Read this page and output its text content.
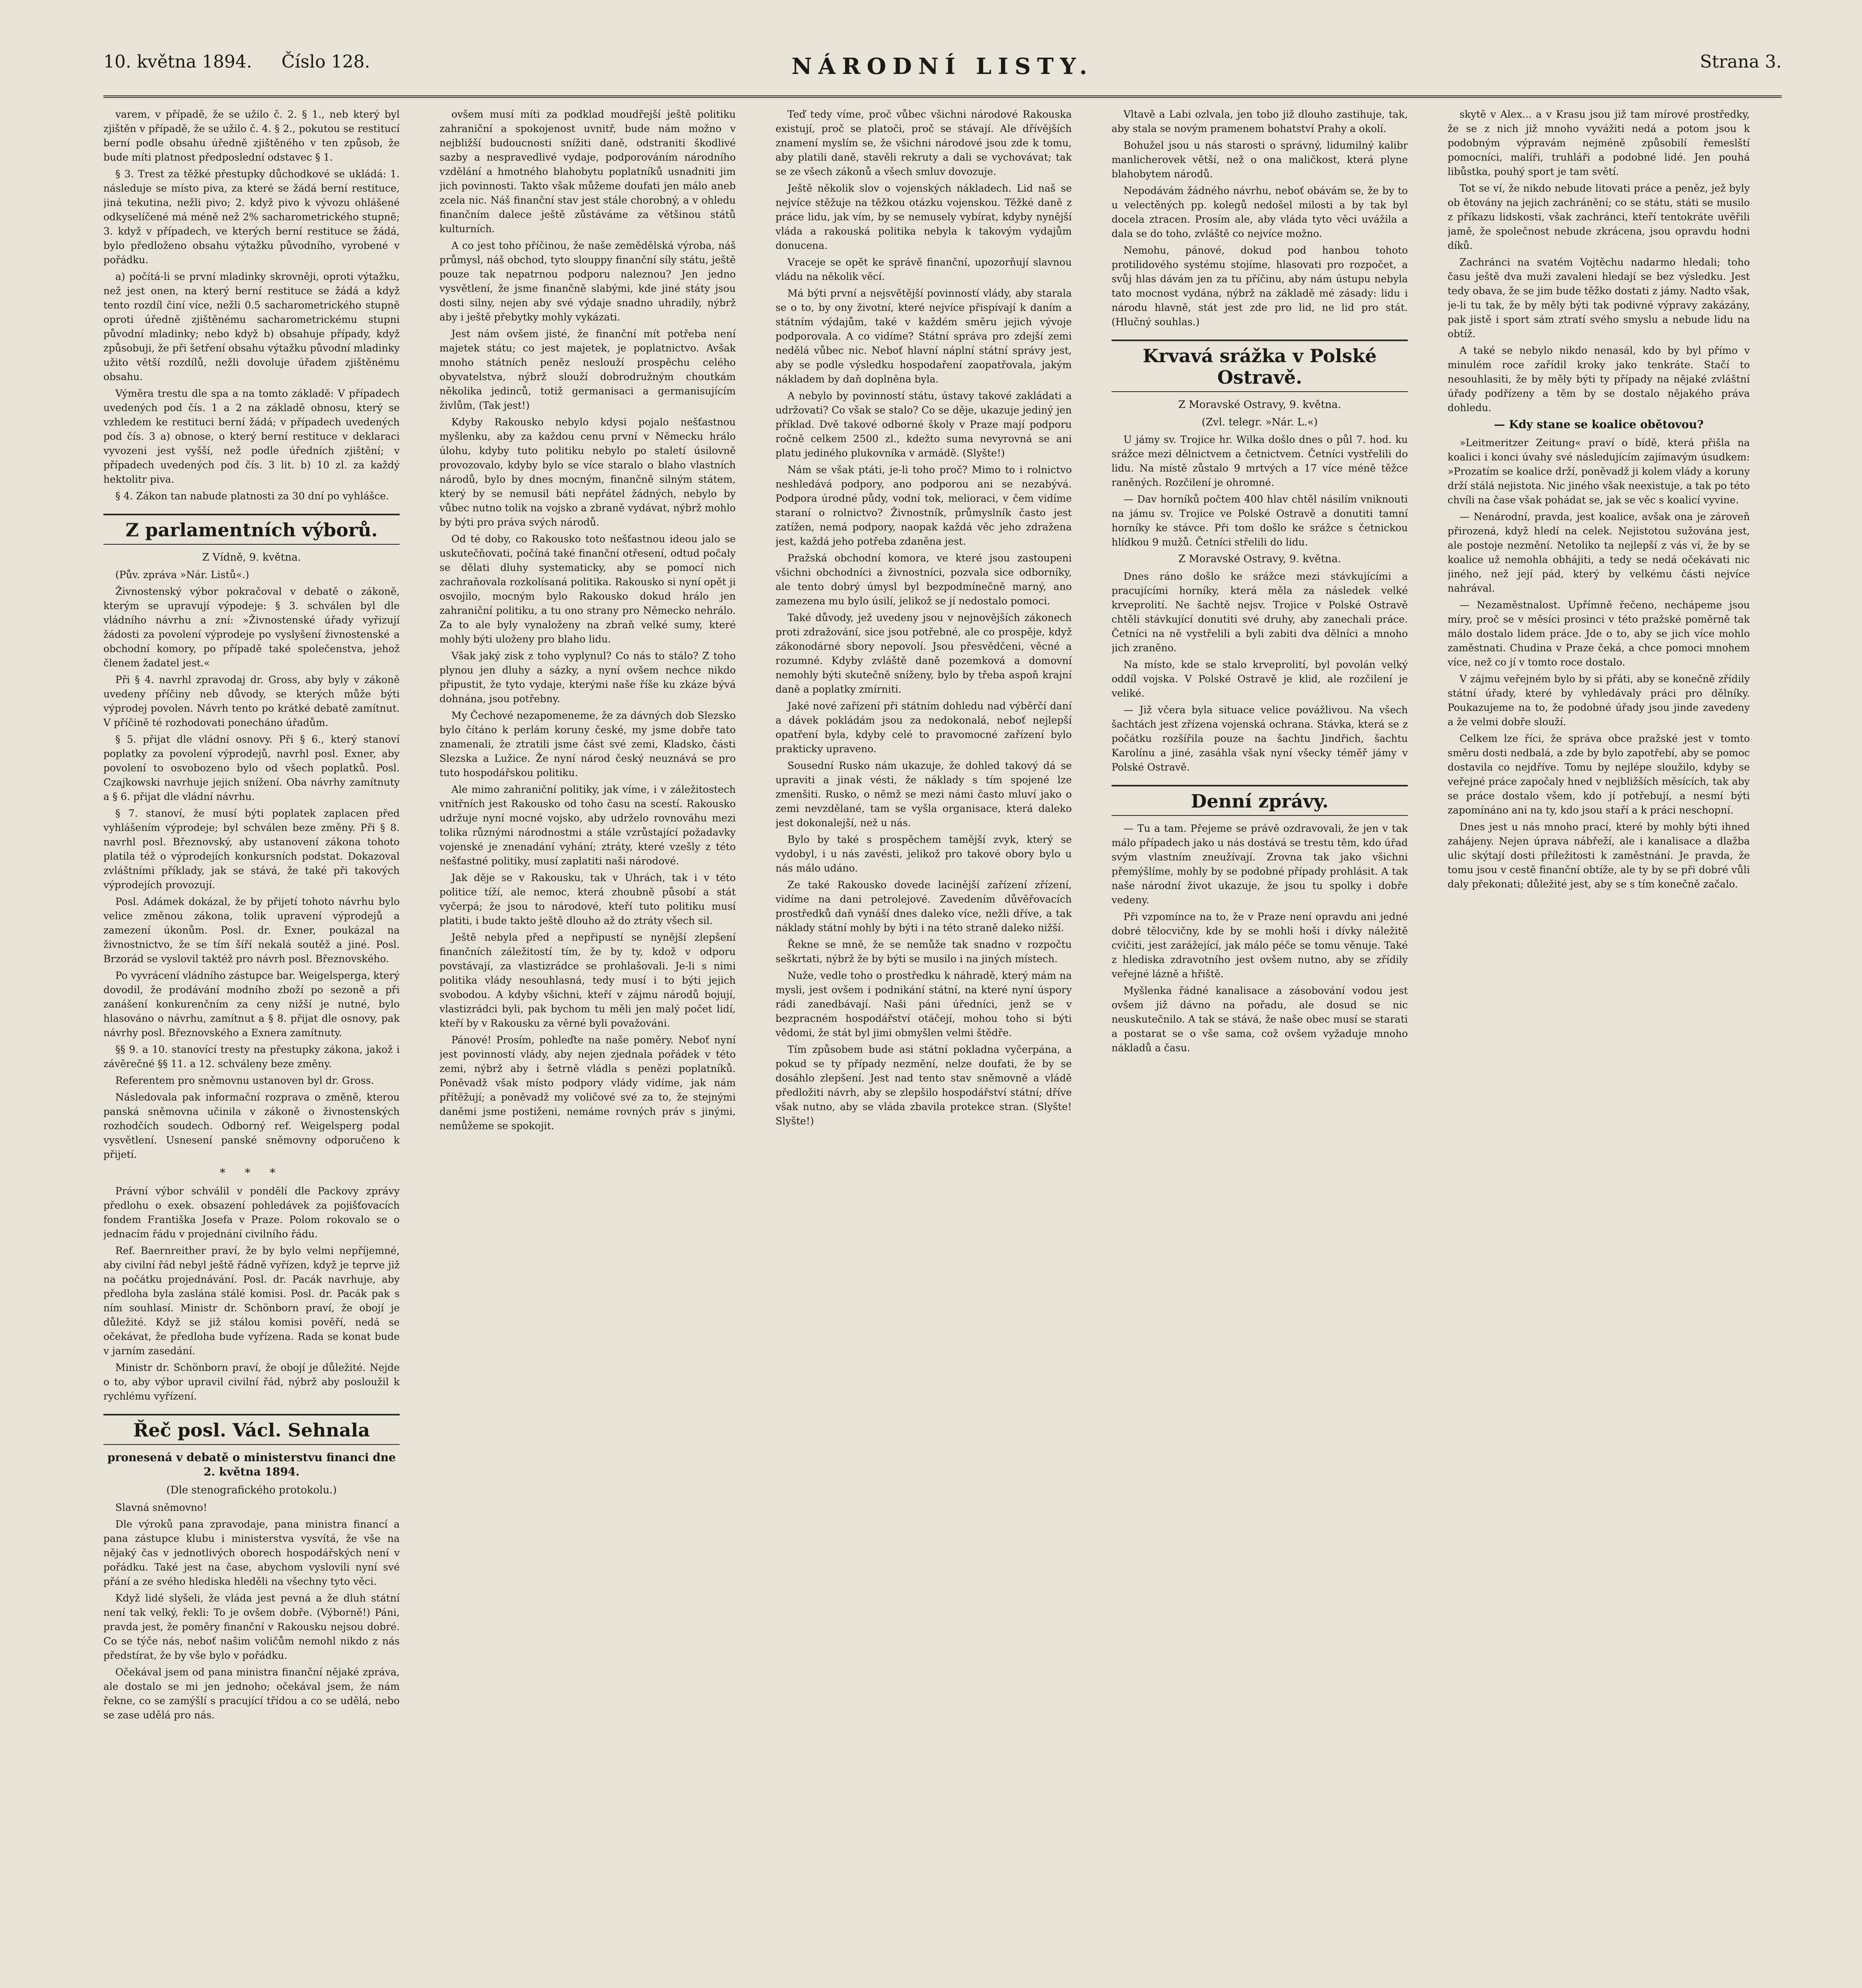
10. května 1894. Číslo 128.	NÁRODNÍ LISTY.	Strana 3.

varem, v případě, že se užilo č. 2. § 1., neb který byl zjištěn v případě, že se užilo č. 4. § 2., pokutou se restitucí berní podle obsahu úředně zjištěného v ten způsob, že bude míti platnost předposlední odstavec § 1.

§ 3. Trest za těžké přestupky důchodkové se ukládá: 1. následuje se místo piva, za které se žádá berní restituce, jiná tekutina, nežli pivo; 2. když pivo k vývozu ohlášené odkyselíčené má méně než 2% sacharometrického stupně; 3. když v případech, ve kterých berní restituce se žádá, bylo předloženo obsahu výtažku původního, vyrobené v pořádku.

a) počítá-li se první mladinky skrovněji, oproti výtažku, než jest onen, na který berní restituce se žádá a když tento rozdíl činí více, nežli 0.5 sacharometrického stupně oproti úředně zjištěnému sacharometrickému stupni původní mladinky; nebo když b) obsahuje případy, když způsobuji, že při šetření obsahu výtažku původní mladinky užito větší rozdílů, nežli dovoluje úřadem zjištěnému obsahu.

Výměra trestu dle spa a na tomto základě: V případech uvedených pod čís. 1 a 2 na základě obnosu, který se vzhledem ke restituci berní žádá; v případech uvedených pod čís. 3 a) obnose, o který berní restituce v deklaraci vyvozeni jest vyšší, než podle úředních zjištění; v případech uvedených pod čís. 3 lit. b) 10 zl. za každý hektolitr piva.

§ 4. Zákon tan nabude platnosti za 30 dní po vyhlášce.

Z parlamentních výborů.
Z Vídně, 9. května.

(Pův. zpráva »Nár. Listů«.)

Živnostenský výbor pokračoval v debatě o zákoně, kterým se upravují výpodeje: § 3. schválen byl dle vládního návrhu a zní: »Živnostenské úřady vyřizují žádosti za povolení výprodeje po vyslyšení živnostenské a obchodní komory, po případě také společenstva, jehož členem žadatel jest.«

Při § 4. navrhl zpravodaj dr. Gross, aby byly v zákoně uvedeny příčiny neb důvody, se kterých může býti výprodej povolen. Návrh tento po krátké debatě zamítnut. V příčině té rozhodovati ponecháno úřadům.

§ 5. přijat dle vládní osnovy. Při § 6., který stanoví poplatky za povolení výprodejů, navrhl posl. Exner, aby povolení to osvobozeno bylo od všech poplatků. Posl. Czajkowski navrhuje jejich snížení. Oba návrhy zamítnuty a § 6. přijat dle vládní návrhu.

§ 7. stanoví, že musí býti poplatek zaplacen před vyhlášením výprodeje; byl schválen beze změny. Při § 8. navrhl posl. Březnovský, aby ustanovení zákona tohoto platila též o výprodejích konkursních podstat. Dokazoval zvláštními příklady, jak se stává, že také při takových výprodejích provozují.

Posl. Adámek dokázal, že by přijetí tohoto návrhu bylo velice změnou zákona, tolik upravení výprodejů a zamezení úkonům. Posl. dr. Exner, poukázal na živnostnictvo, že se tím šíří nekalá soutěž a jiné. Posl. Brzorád se vyslovil taktéž pro návrh posl. Březnovského.

Po vyvrácení vládního zástupce bar. Weigelsperga, který dovodil, že prodávání modního zboží po sezoně a při zanášení konkurenčním za ceny nižší je nutné, bylo hlasováno o návrhu, zamítnut a § 8. přijat dle osnovy, pak návrhy posl. Březnovského a Exnera zamítnuty.

§§ 9. a 10. stanovící tresty na přestupky zákona, jakož i závěrečné §§ 11. a 12. schváleny beze změny.

Referentem pro sněmovnu ustanoven byl dr. Gross.

Následovala pak informační rozprava o změně, kterou panská sněmovna učinila v zákoně o živnostenských rozhodčích soudech. Odborný ref. Weigelsperg podal vysvětlení. Usnesení panské sněmovny odporučeno k přijetí.

* * *

Právní výbor schválil v pondělí dle Packovy zprávy předlohu o exek. obsazení pohledávek za pojišťovacích fondem Františka Josefa v Praze. Polom rokovalo se o jednacím řádu v projednání civilního řádu.

Ref. Baernreither praví, že by bylo velmi nepříjemné, aby civilní řád nebyl ještě řádně vyřízen, když je teprve již na počátku projednávání. Posl. dr. Pacák navrhuje, aby předloha byla zaslána stálé komisi. Posl. dr. Pacák pak s ním souhlasí. Ministr dr. Schönborn praví, že obojí je důležité. Když se již stálou komisi pověří, nedá se očekávat, že předloha bude vyřízena. Rada se konat bude v jarním zasedání.

Ministr dr. Schönborn praví, že obojí je důležité. Nejde o to, aby výbor upravil civilní řád, nýbrž aby posloužil k rychlému vyřízení.

Řeč posl. Václ. Sehnala
pronesená v debatě o ministerstvu financi dne 2. května 1894.
(Dle stenografického protokolu.)

Slavná sněmovno!

Dle výroků pana zpravodaje, pana ministra financí a pana zástupce klubu i ministerstva vysvítá, že vše na nějaký čas v jednotlivých oborech hospodářských není v pořádku. Také jest na čase, abychom vyslovili nyní své přání a ze svého hlediska hleděli na všechny tyto věci.

Když lidé slyšeli, že vláda jest pevná a že dluh státní není tak velký, řekli: To je ovšem dobře. (Výborně!) Páni, pravda jest, že poměry finanční v Rakousku nejsou dobré. Co se týče nás, neboť našim voličům nemohl nikdo z nás předstírat, že by vše bylo v pořádku.

Očekával jsem od pana ministra finanční nějaké zpráva, ale dostalo se mi jen jednoho; očekával jsem, že nám řekne, co se zamýšlí s pracující třídou a co se udělá, nebo se zase udělá pro nás.

ovšem musí míti za podklad moudřejší ještě politiku zahraniční a spokojenost uvnitř, bude nám možno v nejbližší budoucnosti snížiti daně, odstraniti škodlivé sazby a nespravedlivé vydaje, podporováním národního vzdělání a hmotného blahobytu poplatníků usnadniti jim jich povinnosti. Takto však můžeme doufati jen málo aneb zcela nic. Náš finanční stav jest stále chorobný, a v ohledu finančním dalece ještě zůstáváme za většinou států kulturních.

A co jest toho příčinou, že naše zemědělská výroba, náš průmysl, náš obchod, tyto slouppy finanční síly státu, ještě pouze tak nepatrnou podporu naleznou? Jen jedno vysvětlení, že jsme finančně slabými, kde jiné státy jsou dosti silny, nejen aby své výdaje snadno uhradily, nýbrž aby i ještě přebytky mohly vykázati.

Jest nám ovšem jisté, že finanční mít potřeba není majetek státu; co jest majetek, je poplatnictvo. Avšak mnoho státních peněz neslouží prospěchu celého obyvatelstva, nýbrž slouží dobrodružným choutkám několika jedinců, totiž germanisaci a germanisujícím živlům, (Tak jest!)

Kdyby Rakousko nebylo kdysi pojalo nešťastnou myšlenku, aby za každou cenu první v Německu hrálo úlohu, kdyby tuto politiku nebylo po staletí úsilovně provozovalo, kdyby bylo se více staralo o blaho vlastních národů, bylo by dnes mocným, finančně silným státem, který by se nemusil báti nepřátel žádných, nebylo by vůbec nutno tolik na vojsko a zbraně vydávat, nýbrž mohlo by býti pro práva svých národů.

Od té doby, co Rakousko toto nešťastnou ideou jalo se uskutečňovati, počíná také finanční otřesení, odtud počaly se dělati dluhy systematicky, aby se pomocí nich zachraňovala rozkolísaná politika. Rakousko si nyní opět ji osvojilo, mocným bylo Rakousko dokud hrálo jen zahraniční politiku, a tu ono strany pro Německo nehrálo. Za to ale byly vynaloženy na zbraň velké sumy, které mohly býti uloženy pro blaho lidu.

Však jaký zisk z toho vyplynul? Co nás to stálo? Z toho plynou jen dluhy a sázky, a nyní ovšem nechce nikdo připustit, že tyto vydaje, kterými naše říše ku zkáze bývá dohnána, jsou potřebny.

My Čechové nezapomeneme, že za dávných dob Slezsko bylo čítáno k perlám koruny české, my jsme dobře tato znamenali, že ztratili jsme část své zemi, Kladsko, části Slezska a Lužice. Že nyní národ český neuznává se pro tuto hospodářskou politiku.

Ale mimo zahraniční politiky, jak víme, i v záležitostech vnitřních jest Rakousko od toho času na scestí. Rakousko udržuje nyní mocné vojsko, aby udrželo rovnováhu mezi tolika různými národnostmi a stále vzrůstající požadavky vojenské je znenadání vyhání; ztráty, které vzešly z této nešťastné politiky, musí zaplatiti naši národové.

Jak děje se v Rakousku, tak v Uhrách, tak i v této politice tíží, ale nemoc, která zhoubně působí a stát vyčerpá; že jsou to národové, kteří tuto politiku musí platiti, i bude takto ještě dlouho až do ztráty všech sil.

Ještě nebyla před a nepřipustí se nynější zlepšení finančních záležitostí tím, že by ty, kdož v odporu povstávají, za vlastizrádce se prohlašovali. Je-li s nimi politika vlády nesouhlasná, tedy musí i to býti jejich svobodou. A kdyby všichni, kteří v zájmu národů bojují, vlastizrádci byli, pak bychom tu měli jen malý počet lidí, kteří by v Rakousku za věrné byli považováni.

Pánové! Prosím, pohleďte na naše poměry. Neboť nyní jest povinností vlády, aby nejen zjednala pořádek v této zemi, nýbrž aby i šetrně vládla s penězi poplatníků. Poněvadž však místo podpory vlády vidíme, jak nám přítěžují; a poněvadž my voličové své za to, že stejnými daněmi jsme postiženi, nemáme rovných práv s jinými, nemůžeme se spokojit.

Teď tedy víme, proč vůbec všichni národové Rakouska existují, proč se platoči, proč se stávají. Ale dřívějších znamení myslím se, že všichni národové jsou zde k tomu, aby platili daně, stavěli rekruty a dali se vychovávat; tak se ze všech zákonů a všech smluv dovozuje.

Ještě několik slov o vojenských nákladech. Lid naš se nejvíce stěžuje na těžkou otázku vojenskou. Těžké daně z práce lidu, jak vím, by se nemusely vybírat, kdyby nynější vláda a rakouská politika nebyla k takovým vydajům donucena.

Vraceje se opět ke správě finanční, upozorňují slavnou vládu na několik věcí.

Má býti první a nejsvětější povinností vlády, aby starala se o to, by ony životní, které nejvíce přispívají k daním a státním výdajům, také v každém směru jejich vývoje podporovala. A co vidíme? Státní správa pro zdejší zemi nedělá vůbec nic. Neboť hlavní náplní státní správy jest, aby se podle výsledku hospodaření zaopatřovala, jakým nákladem by daň doplněna byla.

A nebylo by povinností státu, ústavy takové zakládati a udržovati? Co však se stalo? Co se děje, ukazuje jediný jen příklad. Dvě takové odborné školy v Praze mají podporu ročně celkem 2500 zl., kdežto suma nevyrovná se ani platu jediného plukovníka v armádě. (Slyšte!)

Nám se však ptáti, je-li toho proč? Mimo to i rolnictvo neshledává podpory, ano podporou ani se nezabývá. Podpora úrodné půdy, vodní tok, melioraci, v čem vidíme staraní o rolnictvo? Živnostník, průmyslník často jest zatížen, nemá podpory, naopak každá věc jeho zdražena jest, každá jeho potřeba zdaněna jest.

Pražská obchodní komora, ve které jsou zastoupeni všichni obchodníci a živnostníci, pozvala sice odborníky, ale tento dobrý úmysl byl bezpodmínečně marný, ano zamezena mu bylo úsilí, jelikož se jí nedostalo pomoci.

Také důvody, jež uvedeny jsou v nejnovějších zákonech proti zdražování, sice jsou potřebné, ale co prospěje, když zákonodárné sbory nepovolí. Jsou přesvědčeni, věcné a rozumné. Kdyby zvláště daně pozemková a domovní nemohly býti skutečně sníženy, bylo by třeba aspoň krajní daně a poplatky zmírniti.

Jaké nové zařízení při státním dohledu nad výběrčí daní a dávek pokládám jsou za nedokonalá, neboť nejlepší opatření byla, kdyby celé to pravomocné zařízení bylo prakticky upraveno.

Sousední Rusko nám ukazuje, že dohled takový dá se upraviti a jinak vésti, že náklady s tím spojené lze zmenšiti. Rusko, o němž se mezi námi často mluví jako o zemi nevzdělané, tam se vyšla organisace, která daleko jest dokonalejší, než u nás.

Bylo by také s prospěchem tamější zvyk, který se vydobyl, i u nás zavésti, jelikož pro takové obory bylo u nás málo udáno.

Ze také Rakousko dovede lacinější zařízení zřízení, vidíme na dani petrolejové. Zavedením důvěřovacích prostředků daň vynáší dnes daleko více, nežli dříve, a tak náklady státní mohly by býti i na této straně daleko nižší.

Řekne se mně, že se nemůže tak snadno v rozpočtu seškrtati, nýbrž že by býti se musilo i na jiných místech.

Nuže, vedle toho o prostředku k náhradě, který mám na mysli, jest ovšem i podnikání státní, na které nyní úspory rádi zanedbávají. Naši páni úředníci, jenž se v bezpracném hospodářství otáčejí, mohou toho si býti vědomi, že stát byl jimi obmyšlen velmi štědře.

Tím způsobem bude asi státní pokladna vyčerpána, a pokud se ty případy nezmění, nelze doufati, že by se dosáhlo zlepšení. Jest nad tento stav sněmovně a vládě předložiti návrh, aby se zlepšilo hospodářství státní; dříve však nutno, aby se vláda zbavila protekce stran. (Slyšte! Slyšte!)

Vltavě a Labi ozlvala, jen tobo již dlouho zastihuje, tak, aby stala se novým pramenem bohatství Prahy a okolí.

Bohužel jsou u nás starosti o správný, lidumilný kalibr manlicherovek větší, než o ona maličkost, která plyne blahobytem národů.

Nepodávám žádného návrhu, neboť obávám se, že by to u velectěných pp. kolegů nedošel milosti a by tak byl docela ztracen. Prosím ale, aby vláda tyto věci uvážila a dala se do toho, zvláště co nejvíce možno.

Nemohu, pánové, dokud pod hanbou tohoto protilidového systému stojíme, hlasovati pro rozpočet, a svůj hlas dávám jen za tu příčinu, aby nám ústupu nebyla tato mocnost vydána, nýbrž na základě mé zásady: lidu i národu hlavně, stát jest zde pro lid, ne lid pro stát. (Hlučný souhlas.)

Krvavá srážka v Polské Ostravě.
Z Moravské Ostravy, 9. května.
(Zvl. telegr. »Nár. L.«)

U jámy sv. Trojice hr. Wilka došlo dnes o půl 7. hod. ku srážce mezi dělnictvem a četnictvem. Četníci vystřelili do lidu. Na místě zůstalo 9 mrtvých a 17 více méně těžce raněných. Rozčilení je ohromné.

— Dav horníků počtem 400 hlav chtěl násilím vniknouti na jámu sv. Trojice ve Polské Ostravě a donutiti tamní horníky ke stávce. Při tom došlo ke srážce s četnickou hlídkou 9 mužů. Četníci střelili do lidu.

Z Moravské Ostravy, 9. května.

Dnes ráno došlo ke srážce mezi stávkujícími a pracujícími horníky, která měla za následek velké krveprolití. Ne šachtě nejsv. Trojice v Polské Ostravě chtěli stávkující donutiti své druhy, aby zanechali práce. Četníci na ně vystřelili a byli zabiti dva dělníci a mnoho jich zraněno.

Na místo, kde se stalo krveprolití, byl povolán velký oddíl vojska. V Polské Ostravě je klid, ale rozčilení je veliké.

— Již včera byla situace velice povážlivou. Na všech šachtách jest zřízena vojenská ochrana. Stávka, která se z počátku rozšířila pouze na šachtu Jindřich, šachtu Karolínu a jiné, zasáhla však nyní všecky téměř jámy v Polské Ostravě.

Denní zprávy.

— Tu a tam. Přejeme se právě ozdravovali, že jen v tak málo případech jako u nás dostává se trestu těm, kdo úřad svým vlastním zneužívají. Zrovna tak jako všichni přemýšlíme, mohly by se podobné případy prohlásit. A tak naše národní život ukazuje, že jsou tu spolky i dobře vedeny.

Při vzpomínce na to, že v Praze není opravdu ani jedné dobré tělocvičny, kde by se mohli hoši i dívky náležitě cvičiti, jest zarážející, jak málo péče se tomu věnuje. Také z hlediska zdravotního jest ovšem nutno, aby se zřídily veřejné lázně a hřiště.

Myšlenka řádné kanalisace a zásobování vodou jest ovšem již dávno na pořadu, ale dosud se nic neuskutečnilo. A tak se stává, že naše obec musí se starati a postarat se o vše sama, což ovšem vyžaduje mnoho nákladů a času.

skytě v Alex... a v Krasu jsou již tam mírové prostředky, že se z nich již mnoho vyvážiti nedá a potom jsou k podobným výpravám nejméně způsobilí řemeslští pomocníci, malíři, truhláři a podobné lidé. Jen pouhá libůstka, pouhý sport je tam světí.

Tot se ví, že nikdo nebude litovati práce a peněz, jež byly ob ětovány na jejich zachránění; co se státu, státi se musilo z příkazu lidskosti, však zachránci, kteří tentokráte uvěřili jamě, že společnost nebude zkrácena, jsou opravdu hodni díků.

Zachránci na svatém Vojtěchu nadarmo hledali; toho času ještě dva muži zavaleni hledají se bez výsledku. Jest tedy obava, že se jim bude těžko dostati z jámy. Nadto však, je-li tu tak, že by měly býti tak podivné výpravy zakázány, pak jistě i sport sám ztratí svého smyslu a nebude lidu na obtíž.

A také se nebylo nikdo nenasál, kdo by byl přímo v minulém roce zařídil kroky jako tenkráte. Stačí to nesouhlasiti, že by měly býti ty případy na nějaké zvláštní úřady podřízeny a těm by se dostalo nějakého práva dohledu.

— Kdy stane se koalice obětovou?

»Leitmeritzer Zeitung« praví o bídě, která přišla na koalici i konci úvahy své následujícím zajímavým úsudkem: »Prozatím se koalice drží, poněvadž ji kolem vlády a koruny drží stálá nejistota. Nic jiného však neexistuje, a tak po této chvíli na čase však pohádat se, jak se věc s koalicí vyvine.

— Nenárodní, pravda, jest koalice, avšak ona je zároveň přirozená, když hledí na celek. Nejistotou sužována jest, ale postoje nezmění. Netoliko ta nejlepší z vás ví, že by se koalice už nemohla obhájiti, a tedy se nedá očekávati nic jiného, než její pád, který by velkému části nejvíce nahrával.

— Nezaměstnalost. Upřímně řečeno, nechápeme jsou míry, proč se v měsíci prosinci v této pražské poměrně tak málo dostalo lidem práce. Jde o to, aby se jich více mohlo zaměstnati. Chudina v Praze čeká, a chce pomoci mnohem více, než co jí v tomto roce dostalo.

V zájmu veřejném bylo by si přáti, aby se konečně zřídily státní úřady, které by vyhledávaly práci pro dělníky. Poukazujeme na to, že podobné úřady jsou jinde zavedeny a že velmi dobře slouží.

Celkem lze říci, že správa obce pražské jest v tomto směru dosti nedbalá, a zde by bylo zapotřebí, aby se pomoc dostavila co nejdříve. Tomu by nejlépe sloužilo, kdyby se veřejné práce započaly hned v nejbližších měsících, tak aby se práce dostalo všem, kdo jí potřebují, a nesmí býti zapomínáno ani na ty, kdo jsou staří a k práci neschopní.

Dnes jest u nás mnoho prací, které by mohly býti ihned zahájeny. Nejen úprava nábřeží, ale i kanalisace a dlažba ulic skýtají dosti příležitosti k zaměstnání. Je pravda, že tomu jsou v cestě finanční obtíže, ale ty by se při dobré vůli daly překonati; důležité jest, aby se s tím konečně začalo.
